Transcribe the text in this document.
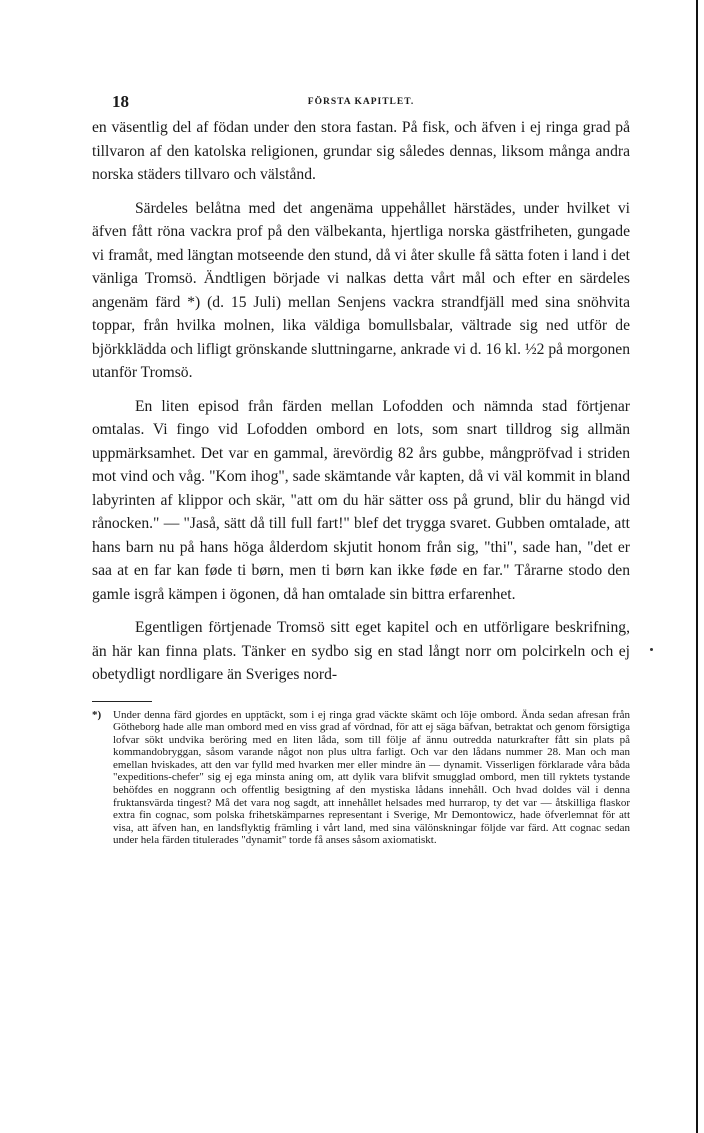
18	FÖRSTA KAPITLET.

en väsentlig del af födan under den stora fastan. På fisk, och äfven i ej ringa grad på tillvaron af den katolska religionen, grundar sig således dennas, liksom många andra norska städers tillvaro och välstånd.

Särdeles belåtna med det angenäma uppehållet härstädes, under hvilket vi äfven fått röna vackra prof på den välbekanta, hjertliga norska gästfriheten, gungade vi framåt, med längtan motseende den stund, då vi åter skulle få sätta foten i land i det vänliga Tromsö. Ändtligen började vi nalkas detta vårt mål och efter en särdeles angenäm färd *) (d. 15 Juli) mellan Senjens vackra strandfjäll med sina snöhvita toppar, från hvilka molnen, lika väldiga bomullsbalar, vältrade sig ned utför de björkklädda och lifligt grönskande sluttningarne, ankrade vi d. 16 kl. ½2 på morgonen utanför Tromsö.

En liten episod från färden mellan Lofodden och nämnda stad förtjenar omtalas. Vi fingo vid Lofodden ombord en lots, som snart tilldrog sig allmän uppmärksamhet. Det var en gammal, ärevördig 82 års gubbe, mångpröfvad i striden mot vind och våg. "Kom ihog", sade skämtande vår kapten, då vi väl kommit in bland labyrinten af klippor och skär, "att om du här sätter oss på grund, blir du hängd vid rånocken." — "Jaså, sätt då till full fart!" blef det trygga svaret. Gubben omtalade, att hans barn nu på hans höga ålderdom skjutit honom från sig, "thi", sade han, "det er saa at en far kan føde ti børn, men ti børn kan ikke føde en far." Tårarne stodo den gamle isgrå kämpen i ögonen, då han omtalade sin bittra erfarenhet.

Egentligen förtjenade Tromsö sitt eget kapitel och en utförligare beskrifning, än här kan finna plats. Tänker en sydbo sig en stad långt norr om polcirkeln och ej obetydligt nordligare än Sveriges nord-

*) Under denna färd gjordes en upptäckt, som i ej ringa grad väckte skämt och löje ombord. Ända sedan afresan från Götheborg hade alle man ombord med en viss grad af vördnad, för att ej säga bäfvan, betraktat och genom försigtiga lofvar sökt undvika beröring med en liten låda, som till följe af ännu outredda naturkrafter fått sin plats på kommandobryggan, såsom varande något non plus ultra farligt. Och var den lådans nummer 28. Man och man emellan hviskades, att den var fylld med hvarken mer eller mindre än — dynamit. Visserligen förklarade våra båda "expeditions-chefer" sig ej ega minsta aning om, att dylik vara blifvit smugglad ombord, men till ryktets tystande behöfdes en noggrann och offentlig besigtning af den mystiska lådans innehåll. Och hvad doldes väl i denna fruktansvärda tingest? Må det vara nog sagdt, att innehållet helsades med hurrarop, ty det var — åtskilliga flaskor extra fin cognac, som polska frihetskämparnes representant i Sverige, Mr Demontowicz, hade öfverlemnat för att visa, att äfven han, en landsflyktig främling i vårt land, med sina välönskningar följde var färd. Att cognac sedan under hela färden titulerades "dynamit" torde få anses såsom axiomatiskt.
